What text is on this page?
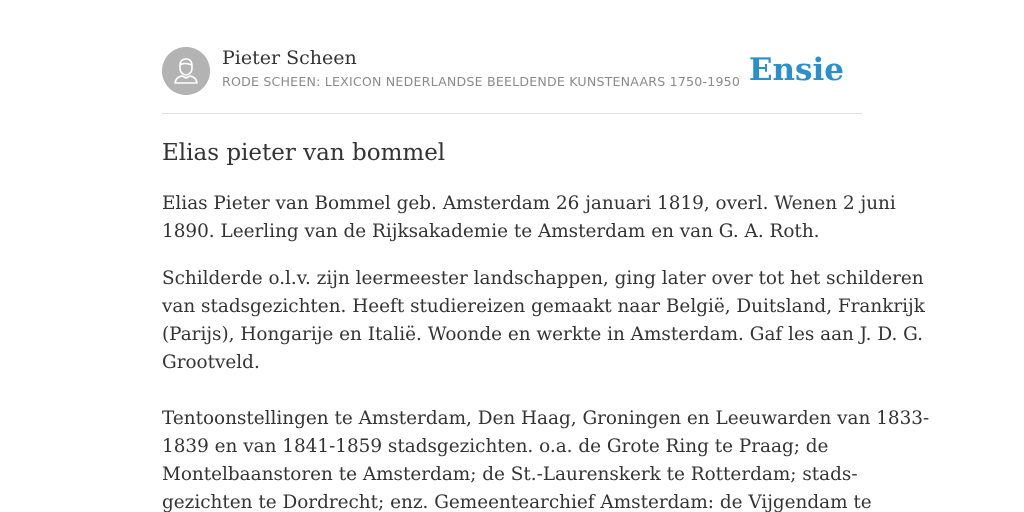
Pieter Scheen
RODE SCHEEN: LEXICON NEDERLANDSE BEELDENDE KUNSTENAARS 1750-1950 Ensie
Elias pieter van bommel

Elias Pieter van Bommel geb. Amsterdam 26 januari 1819, overl. Wenen 2 juni
1890. Leerling van de Rijksakademie te Amsterdam en van G. A. Roth.

Schilderde o.l.v. zijn leermeester landschappen, ging later over tot het schilderen
van stadsgezichten. Heeft studiereizen gemaakt naar België, Duitsland, Frankrijk
(Parijs), Hongarije en Italië. Woonde en werkte in Amsterdam. Gaf les aan J. D. G.
Grootveld.
Tentoonstellingen te Amsterdam, Den Haag, Groningen en Leeuwarden van 1833-
1839 en van 1841-1859 stadsgezichten. o.a. de Grote Ring te Praag; de
Montelbaanstoren te Amsterdam; de St.-Laurenskerk te Rotterdam; stads-
gezichten te Dordrecht; enz. Gemeentearchief Amsterdam: de Vijgendam te
